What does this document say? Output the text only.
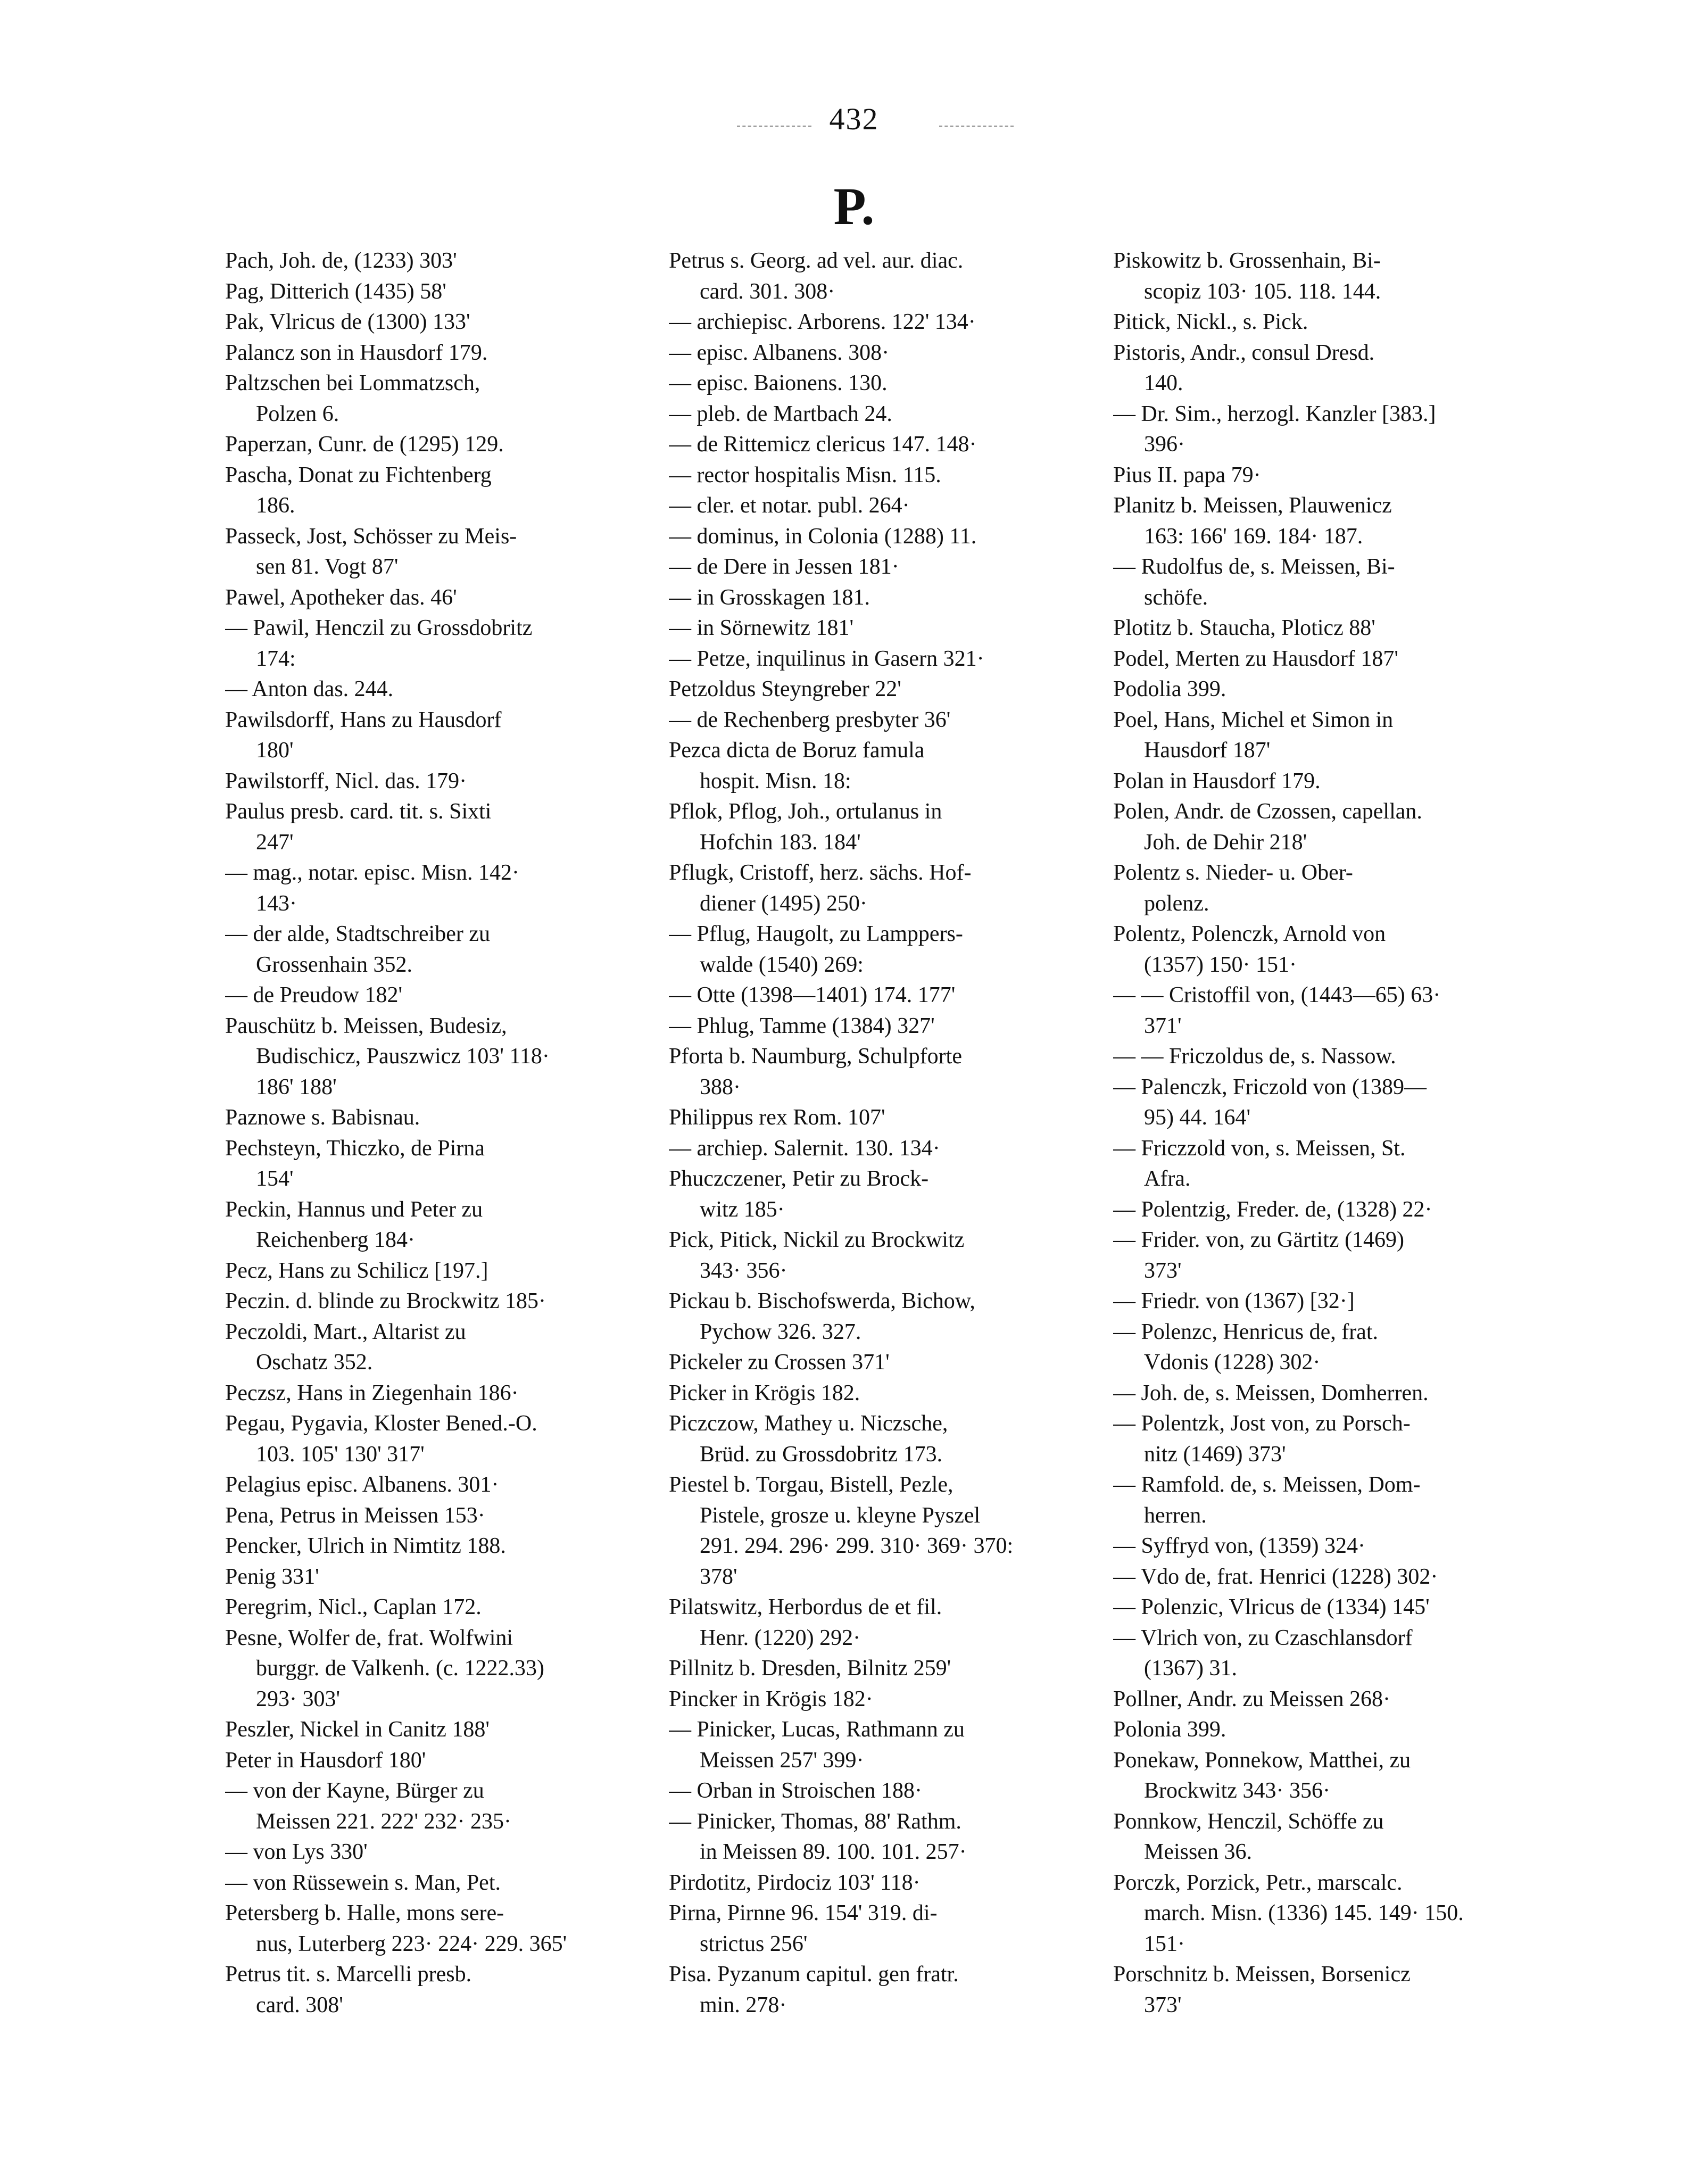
432
P.
Pach, Joh. de, (1233) 303'
Pag, Ditterich (1435) 58'
Pak, Vlricus de (1300) 133'
Palancz son in Hausdorf 179.
Paltzschen bei Lommatzsch,
Polzen 6.
Paperzan, Cunr. de (1295) 129.
Pascha, Donat zu Fichtenberg
186.
Passeck, Jost, Schösser zu Meis-
sen 81. Vogt 87'
Pawel, Apotheker das. 46'
— Pawil, Henczil zu Grossdobritz
174:
— Anton das. 244.
Pawilsdorff, Hans zu Hausdorf
180'
Pawilstorff, Nicl. das. 179·
Paulus presb. card. tit. s. Sixti
247'
— mag., notar. episc. Misn. 142·
143·
— der alde, Stadtschreiber zu
Grossenhain 352.
— de Preudow 182'
Pauschütz b. Meissen, Budesiz,
Budischicz, Pauszwicz 103' 118·
186' 188'
Paznowe s. Babisnau.
Pechsteyn, Thiczko, de Pirna
154'
Peckin, Hannus und Peter zu
Reichenberg 184·
Pecz, Hans zu Schilicz [197.]
Peczin. d. blinde zu Brockwitz 185·
Peczoldi, Mart., Altarist zu
Oschatz 352.
Peczsz, Hans in Ziegenhain 186·
Pegau, Pygavia, Kloster Bened.-O.
103. 105' 130' 317'
Pelagius episc. Albanens. 301·
Pena, Petrus in Meissen 153·
Pencker, Ulrich in Nimtitz 188.
Penig 331'
Peregrim, Nicl., Caplan 172.
Pesne, Wolfer de, frat. Wolfwini
burggr. de Valkenh. (c. 1222.33)
293· 303'
Peszler, Nickel in Canitz 188'
Peter in Hausdorf 180'
— von der Kayne, Bürger zu
Meissen 221. 222' 232· 235·
— von Lys 330'
— von Rüssewein s. Man, Pet.
Petersberg b. Halle, mons sere-
nus, Luterberg 223· 224· 229. 365'
Petrus tit. s. Marcelli presb.
card. 308'
Petrus s. Georg. ad vel. aur. diac.
card. 301. 308·
— archiepisc. Arborens. 122' 134·
— episc. Albanens. 308·
— episc. Baionens. 130.
— pleb. de Martbach 24.
— de Rittemicz clericus 147. 148·
— rector hospitalis Misn. 115.
— cler. et notar. publ. 264·
— dominus, in Colonia (1288) 11.
— de Dere in Jessen 181·
— in Grosskagen 181.
— in Sörnewitz 181'
— Petze, inquilinus in Gasern 321·
Petzoldus Steyngreber 22'
— de Rechenberg presbyter 36'
Pezca dicta de Boruz famula
hospit. Misn. 18:
Pflok, Pflog, Joh., ortulanus in
Hofchin 183. 184'
Pflugk, Cristoff, herz. sächs. Hof-
diener (1495) 250·
— Pflug, Haugolt, zu Lamppers-
walde (1540) 269:
— Otte (1398—1401) 174. 177'
— Phlug, Tamme (1384) 327'
Pforta b. Naumburg, Schulpforte
388·
Philippus rex Rom. 107'
— archiep. Salernit. 130. 134·
Phuczczener, Petir zu Brock-
witz 185·
Pick, Pitick, Nickil zu Brockwitz
343· 356·
Pickau b. Bischofswerda, Bichow,
Pychow 326. 327.
Pickeler zu Crossen 371'
Picker in Krögis 182.
Piczczow, Mathey u. Niczsche,
Brüd. zu Grossdobritz 173.
Piestel b. Torgau, Bistell, Pezle,
Pistele, grosze u. kleyne Pyszel
291. 294. 296· 299. 310· 369· 370:
378'
Pilatswitz, Herbordus de et fil.
Henr. (1220) 292·
Pillnitz b. Dresden, Bilnitz 259'
Pincker in Krögis 182·
— Pinicker, Lucas, Rathmann zu
Meissen 257' 399·
— Orban in Stroischen 188·
— Pinicker, Thomas, 88' Rathm.
in Meissen 89. 100. 101. 257·
Pirdotitz, Pirdociz 103' 118·
Pirna, Pirnne 96. 154' 319. di-
strictus 256'
Pisa. Pyzanum capitul. gen fratr.
min. 278·
Piskowitz b. Grossenhain, Bi-
scopiz 103· 105. 118. 144.
Pitick, Nickl., s. Pick.
Pistoris, Andr., consul Dresd.
140.
— Dr. Sim., herzogl. Kanzler [383.]
396·
Pius II. papa 79·
Planitz b. Meissen, Plauwenicz
163: 166' 169. 184· 187.
— Rudolfus de, s. Meissen, Bi-
schöfe.
Plotitz b. Staucha, Ploticz 88'
Podel, Merten zu Hausdorf 187'
Podolia 399.
Poel, Hans, Michel et Simon in
Hausdorf 187'
Polan in Hausdorf 179.
Polen, Andr. de Czossen, capellan.
Joh. de Dehir 218'
Polentz s. Nieder- u. Ober-
polenz.
Polentz, Polenczk, Arnold von
(1357) 150· 151·
— — Cristoffil von, (1443—65) 63·
371'
— — Friczoldus de, s. Nassow.
— Palenczk, Friczold von (1389—
95) 44. 164'
— Friczzold von, s. Meissen, St.
Afra.
— Polentzig, Freder. de, (1328) 22·
— Frider. von, zu Gärtitz (1469)
373'
— Friedr. von (1367) [32·]
— Polenzc, Henricus de, frat.
Vdonis (1228) 302·
— Joh. de, s. Meissen, Domherren.
— Polentzk, Jost von, zu Porsch-
nitz (1469) 373'
— Ramfold. de, s. Meissen, Dom-
herren.
— Syffryd von, (1359) 324·
— Vdo de, frat. Henrici (1228) 302·
— Polenzic, Vlricus de (1334) 145'
— Vlrich von, zu Czaschlansdorf
(1367) 31.
Pollner, Andr. zu Meissen 268·
Polonia 399.
Ponekaw, Ponnekow, Matthei, zu
Brockwitz 343· 356·
Ponnkow, Henczil, Schöffe zu
Meissen 36.
Porczk, Porzick, Petr., marscalc.
march. Misn. (1336) 145. 149· 150.
151·
Porschnitz b. Meissen, Borsenicz
373'
